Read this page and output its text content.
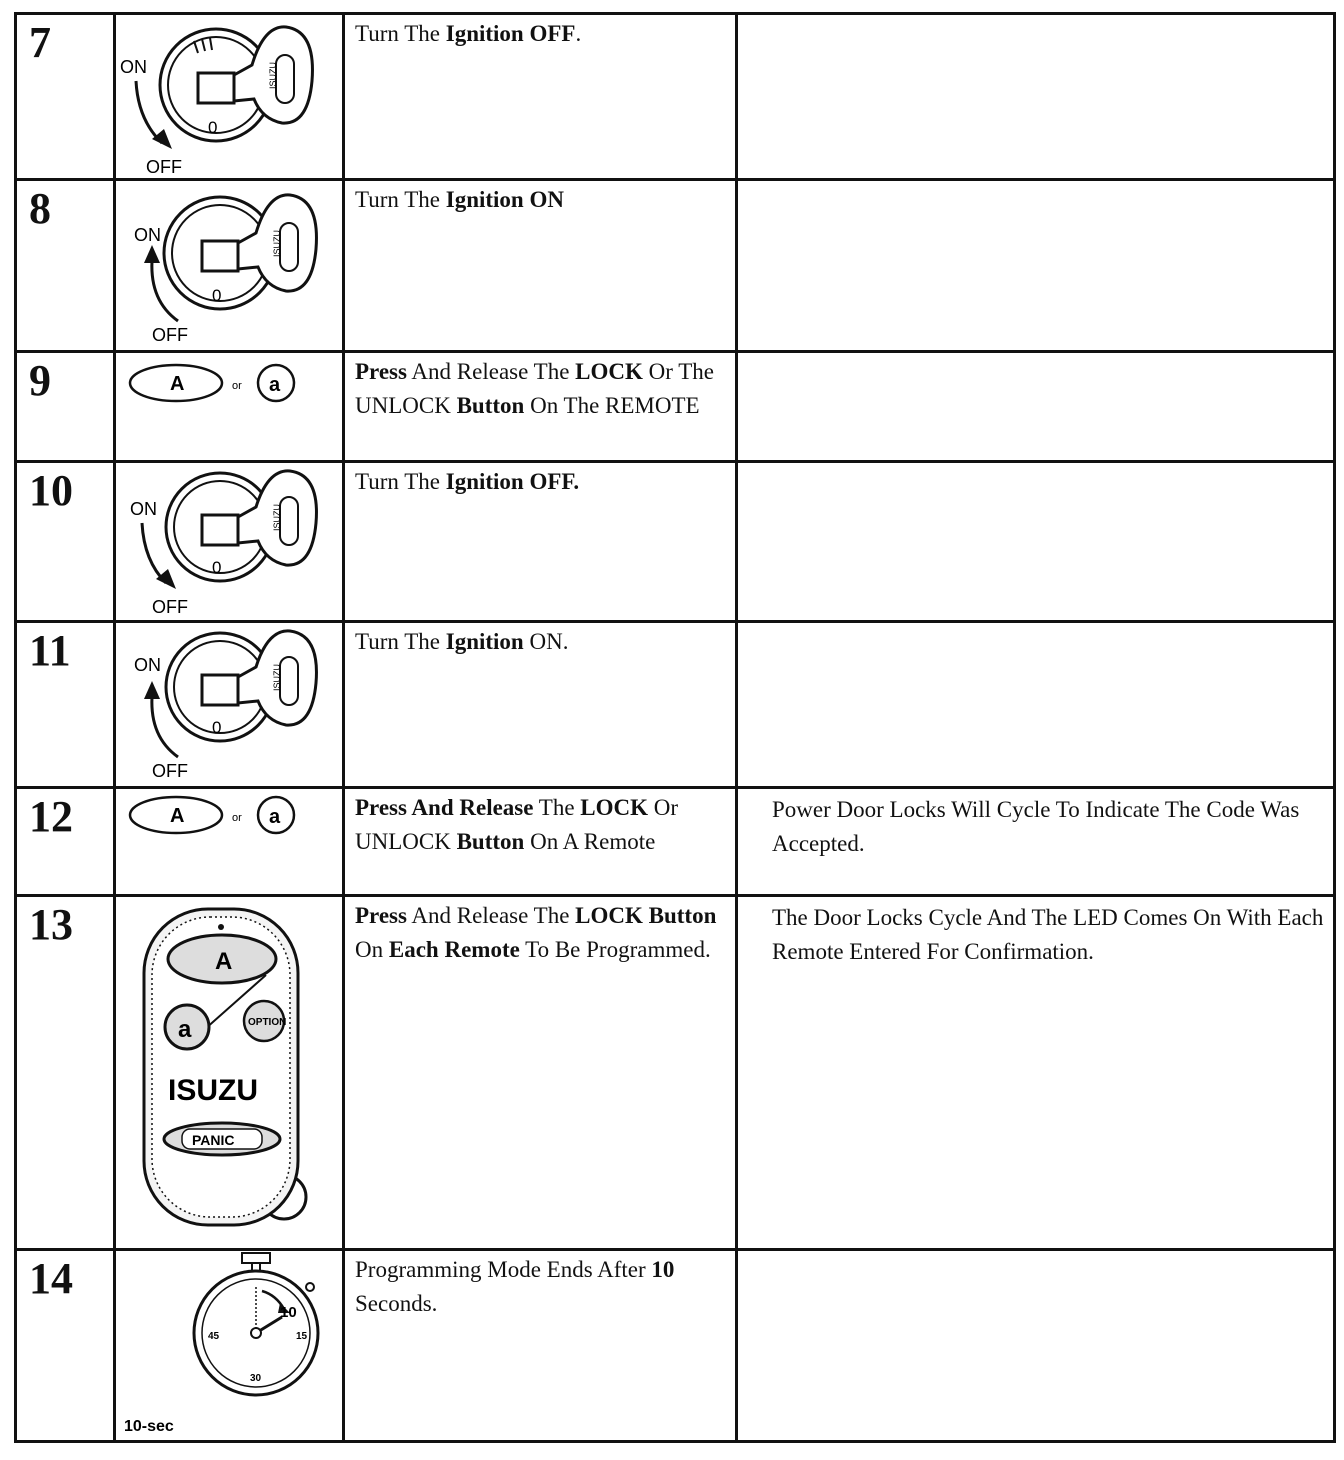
7	ON
OFF
0
ISUZU	Turn The Ignition OFF.	

8	ON
OFF
0
ISUZU	Turn The Ignition ON	

9	A or a	Press And Release The LOCK Or The UNLOCK Button On The REMOTE	

10	ON
OFF
0
ISUZU	Turn The Ignition OFF.	

11	ON
OFF
0
ISUZU	Turn The Ignition ON.	

12	A or a	Press And Release The LOCK Or UNLOCK Button On A Remote	Power Door Locks Will Cycle To Indicate The Code Was Accepted.
13	A
a OPTION
ISUZU
PANIC	Press And Release The LOCK Button On Each Remote To Be Programmed.	The Door Locks Cycle And The LED Comes On With Each Remote Entered For Confirmation.
14	10
15
30
45
10-sec	Programming Mode Ends After 10 Seconds.	
